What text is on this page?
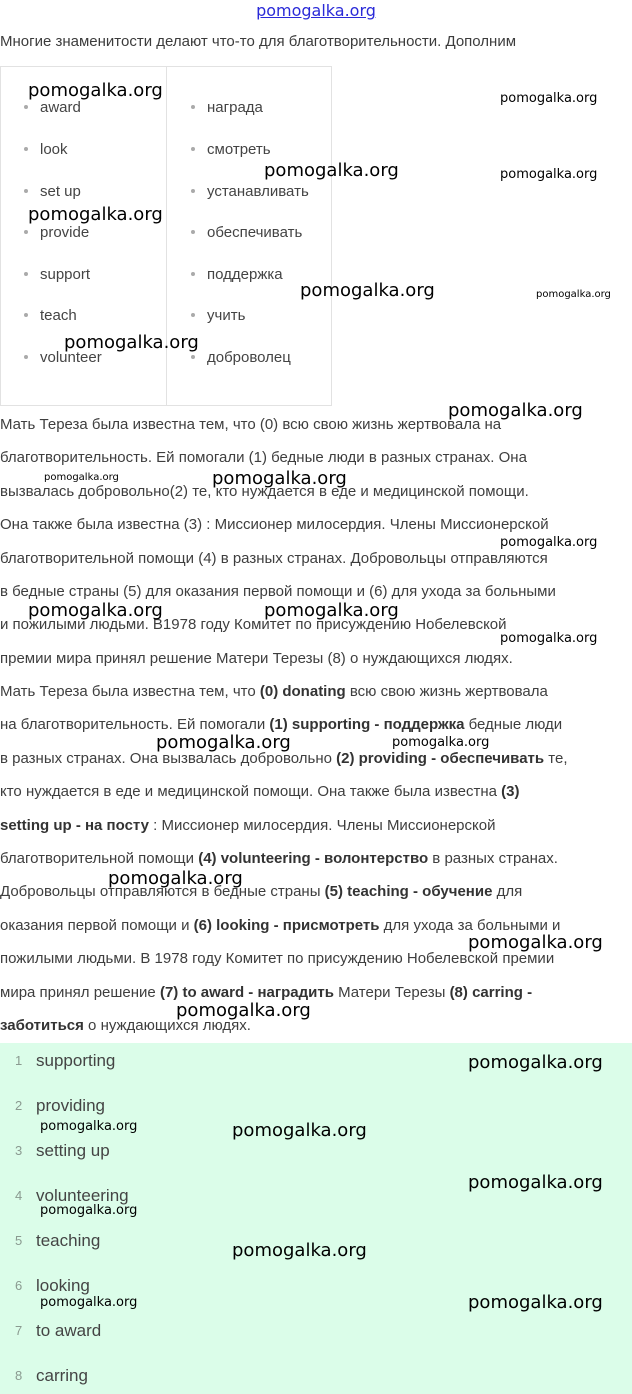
pomogalka.org
Многие знаменитости делают что-то для благотворительности. Дополним
award	награда
look	смотреть
set up	устанавливать
provide	обеспечивать
support	поддержка
teach	учить
volunteer	доброволец

Мать Тереза была известна тем, что (0) всю свою жизнь жертвовала на

благотворительность. Ей помогали (1) бедные люди в разных странах. Она

вызвалась добровольно(2) те, кто нуждается в еде и медицинской помощи.

Она также была известна (3) : Миссионер милосердия. Члены Миссионерской

благотворительной помощи (4) в разных странах. Добровольцы отправляются

в бедные страны (5) для оказания первой помощи и (6) для ухода за больными

и пожилыми людьми. В1978 году Комитет по присуждению Нобелевской

премии мира принял решение Матери Терезы (8) о нуждающихся людях.

Мать Тереза была известна тем, что (0) donating всю свою жизнь жертвовала

на благотворительность. Ей помогали (1) supporting - поддержка бедные люди

в разных странах. Она вызвалась добровольно (2) providing - обеспечивать те,

кто нуждается в еде и медицинской помощи. Она также была известна (3)

setting up - на посту : Миссионер милосердия. Члены Миссионерской

благотворительной помощи (4) volunteering - волонтерство в разных странах.

Добровольцы отправляются в бедные страны (5) teaching - обучение для

оказания первой помощи и (6) looking - присмотреть для ухода за больными и

пожилыми людьми. В 1978 году Комитет по присуждению Нобелевской премии

мира принял решение (7) to award - наградить Матери Терезы (8) carring -

заботиться о нуждающихся людях.

1 supporting
2 providing
3 setting up
4 volunteering
5 teaching
6 looking
7 to award
8 carring
pomogalka.org	pomogalka.org
pomogalka.org	pomogalka.org
pomogalka.org
pomogalka.org	pomogalka.org
pomogalka.org
pomogalka.org
pomogalka.org	pomogalka.org
pomogalka.org
pomogalka.org	pomogalka.org
pomogalka.org
pomogalka.org	pomogalka.org
pomogalka.org
pomogalka.org
pomogalka.org
pomogalka.org
pomogalka.org	pomogalka.org
pomogalka.org
pomogalka.org
pomogalka.org
pomogalka.org
pomogalka.org
